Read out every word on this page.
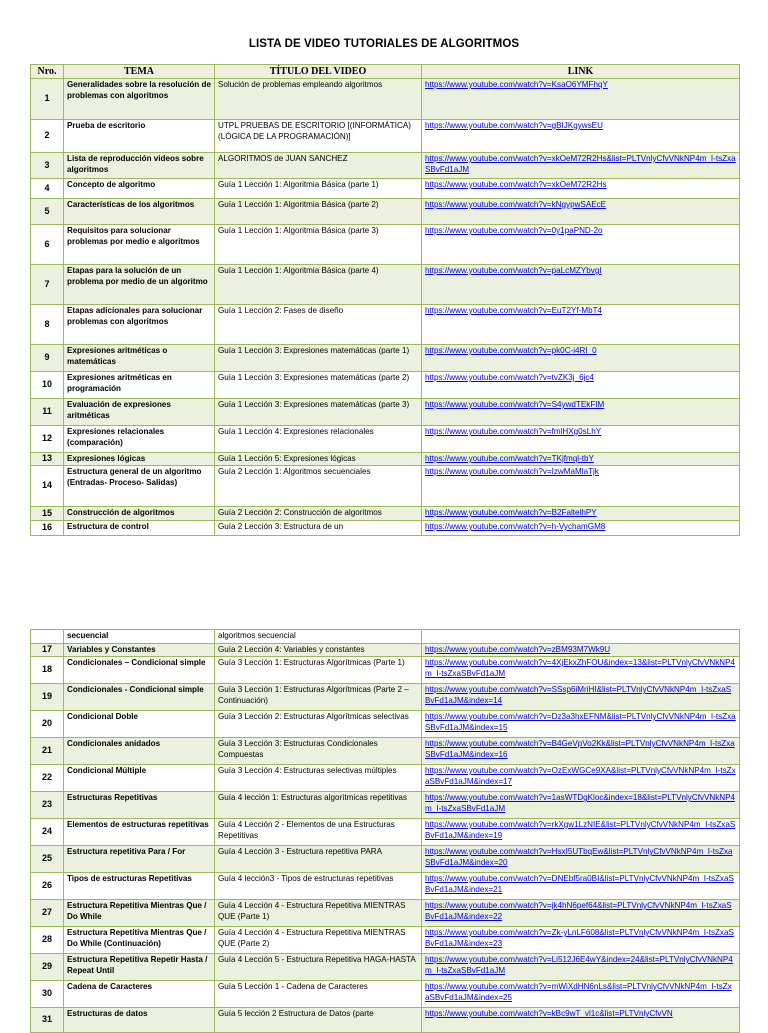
LISTA DE VIDEO TUTORIALES DE ALGORITMOS
Nro.	TEMA	TÍTULO DEL VIDEO	LINK
1	Generalidades sobre la resolución de problemas con algoritmos	Solución de problemas empleando algoritmos	https://www.youtube.com/watch?v=KsaO6YMFhqY
2	Prueba de escritorio	UTPL PRUEBAS DE ESCRITORIO [(INFORMÁTICA)(LÓGICA DE LA PROGRAMACIÓN)]	https://www.youtube.com/watch?v=gBIJKgywsEU
3	Lista de reproducción videos sobre algoritmos	ALGORITMOS de JUAN SANCHEZ	https://www.youtube.com/watch?v=xkOeM72R2Hs&list=PLTVnlyCfvVNkNP4m_I-tsZxaSBvFd1aJM
4	Concepto de algoritmo	Guía 1 Lección 1: Algoritmia Básica (parte 1)	https://www.youtube.com/watch?v=xkOeM72R2Hs
5	Características de los algoritmos	Guía 1 Lección 1: Algoritmia Básica (parte 2)	https://www.youtube.com/watch?v=kNgypwSAEcE
6	Requisitos para solucionar problemas por medio e algoritmos	Guía 1 Lección 1: Algoritmia Básica (parte 3)	https://www.youtube.com/watch?v=0y1paPND-2o
7	Etapas para la solución de un problema por medio de un algoritmo	Guía 1 Lección 1: Algoritmia Básica (parte 4)	https://www.youtube.com/watch?v=paLcMZYbvgI
8	Etapas adicionales para solucionar problemas con algoritmos	Guía 1 Lección 2: Fases de diseño	https://www.youtube.com/watch?v=EuT2Yf-MbT4
9	Expresiones aritméticas o matemáticas	Guía 1 Lección 3: Expresiones matemáticas (parte 1)	https://www.youtube.com/watch?v=pk0C-i4RI_0
10	Expresiones aritméticas en programación	Guía 1 Lección 3: Expresiones matemáticas (parte 2)	https://www.youtube.com/watch?v=tvZK3j_6jc4
11	Evaluación de expresiones aritméticas	Guía 1 Lección 3: Expresiones matemáticas (parte 3)	https://www.youtube.com/watch?v=S4ywdTEkFIM
12	Expresiones relacionales (comparación)	Guía 1 Lección 4: Expresiones relacionales	https://www.youtube.com/watch?v=fmlHXg0sLhY
13	Expresiones lógicas	Guía 1 Lección 5: Expresiones lógicas	https://www.youtube.com/watch?v=TKjfmql-tbY
14	Estructura general de un algoritmo (Entradas- Proceso- Salidas)	Guía 2 Lección 1: Algoritmos secuenciales	https://www.youtube.com/watch?v=IzwMaMlaTjk
15	Construcción de algoritmos	Guía 2 Lección 2: Construcción de algoritmos	https://www.youtube.com/watch?v=B2FaltelhPY
16	Estructura de control	Guía 2 Lección 3: Estructura de un	https://www.youtube.com/watch?v=h-VychamGM8
	secuencial	algoritmos secuencial	
17	Variables y Constantes	Guía 2 Lección 4: Variables y constantes	https://www.youtube.com/watch?v=zBM93M7Wk9U
18	Condicionales – Condicional simple	Guía 3 Lección 1: Estructuras Algorítmicas (Parte 1)	https://www.youtube.com/watch?v=4XjEkxZhFOU&index=13&list=PLTVnlyCfvVNkNP4m_I-tsZxaSBvFd1aJM
19	Condicionales - Condicional simple	Guía 3 Lección 1: Estructuras Algorítmicas (Parte 2 – Continuación)	https://www.youtube.com/watch?v=SSsp6iMriHI&list=PLTVnlyCfvVNkNP4m_I-tsZxaSBvFd1aJM&index=14
20	Condicional Doble	Guía 3 Lección 2: Estructuras Algorítmicas selectivas	https://www.youtube.com/watch?v=Dz3a3hxEFNM&list=PLTVnlyCfvVNkNP4m_I-tsZxaSBvFd1aJM&index=15
21	Condicionales anidados	Guía 3 Lección 3: Estructuras Condicionales Compuestas	https://www.youtube.com/watch?v=B4GeVpVo2Kk&list=PLTVnlyCfvVNkNP4m_I-tsZxaSBvFd1aJM&index=16
22	Condicional Múltiple	Guía 3 Lección 4: Estructuras selectivas múltiples	https://www.youtube.com/watch?v=OzExWGCe9XA&list=PLTVnlyCfvVNkNP4m_I-tsZxaSBvFd1aJM&index=17
23	Estructuras Repetitivas	Guía 4 lección 1: Estructuras algorítmicas repetitivas	https://www.youtube.com/watch?v=1asWTDgKloc&index=18&list=PLTVnlyCfvVNkNP4m_I-tsZxaSBvFd1aJM
24	Elementos de estructuras repetitivas	Guía 4 Lección 2 - Elementos de una Estructuras Repetitivas	https://www.youtube.com/watch?v=rkXgw1LzNIE&list=PLTVnlyCfvVNkNP4m_I-tsZxaSBvFd1aJM&index=19
25	Estructura repetitiva Para / For	Guía 4 Lección 3 - Estructura repetitiva PARA	https://www.youtube.com/watch?v=HsxI5UTbqEw&list=PLTVnlyCfvVNkNP4m_I-tsZxaSBvFd1aJM&index=20
26	Tipos de estructuras Repetitivas	Guía 4 lección3 - Tipos de estructuras repetitivas	https://www.youtube.com/watch?v=DNEbf5ra0BI&list=PLTVnlyCfvVNkNP4m_I-tsZxaSBvFd1aJM&index=21
27	Estructura Repetitiva Mientras Que / Do While	Guía 4 Lección 4 - Estructura Repetitiva MIENTRAS QUE (Parte 1)	https://www.youtube.com/watch?v=jk4hN6pef64&list=PLTVnlyCfvVNkNP4m_I-tsZxaSBvFd1aJM&index=22
28	Estructura Repetitiva Mientras Que / Do While (Continuación)	Guía 4 Lección 4 - Estructura Repetitiva MIENTRAS QUE (Parte 2)	https://www.youtube.com/watch?v=Zk-yLnLF608&list=PLTVnlyCfvVNkNP4m_I-tsZxaSBvFd1aJM&index=23
29	Estructura Repetitiva Repetir Hasta / Repeat Until	Guía 4 Lección 5 - Estructura Repetitiva HAGA-HASTA	https://www.youtube.com/watch?v=Li512J6E4wY&index=24&list=PLTVnlyCfvVNkNP4m_I-tsZxaSBvFd1aJM
30	Cadena de Caracteres	Guía 5 Lección 1 - Cadena de Caracteres	https://www.youtube.com/watch?v=mWiXdHN6nLs&list=PLTVnlyCfvVNkNP4m_I-tsZxaSBvFd1aJM&index=25
31	Estructuras de datos	Guía 5 lección 2 Estructura de Datos (parte	https://www.youtube.com/watch?v=kBc9wT_vl1c&list=PLTVnlyCfvVN
